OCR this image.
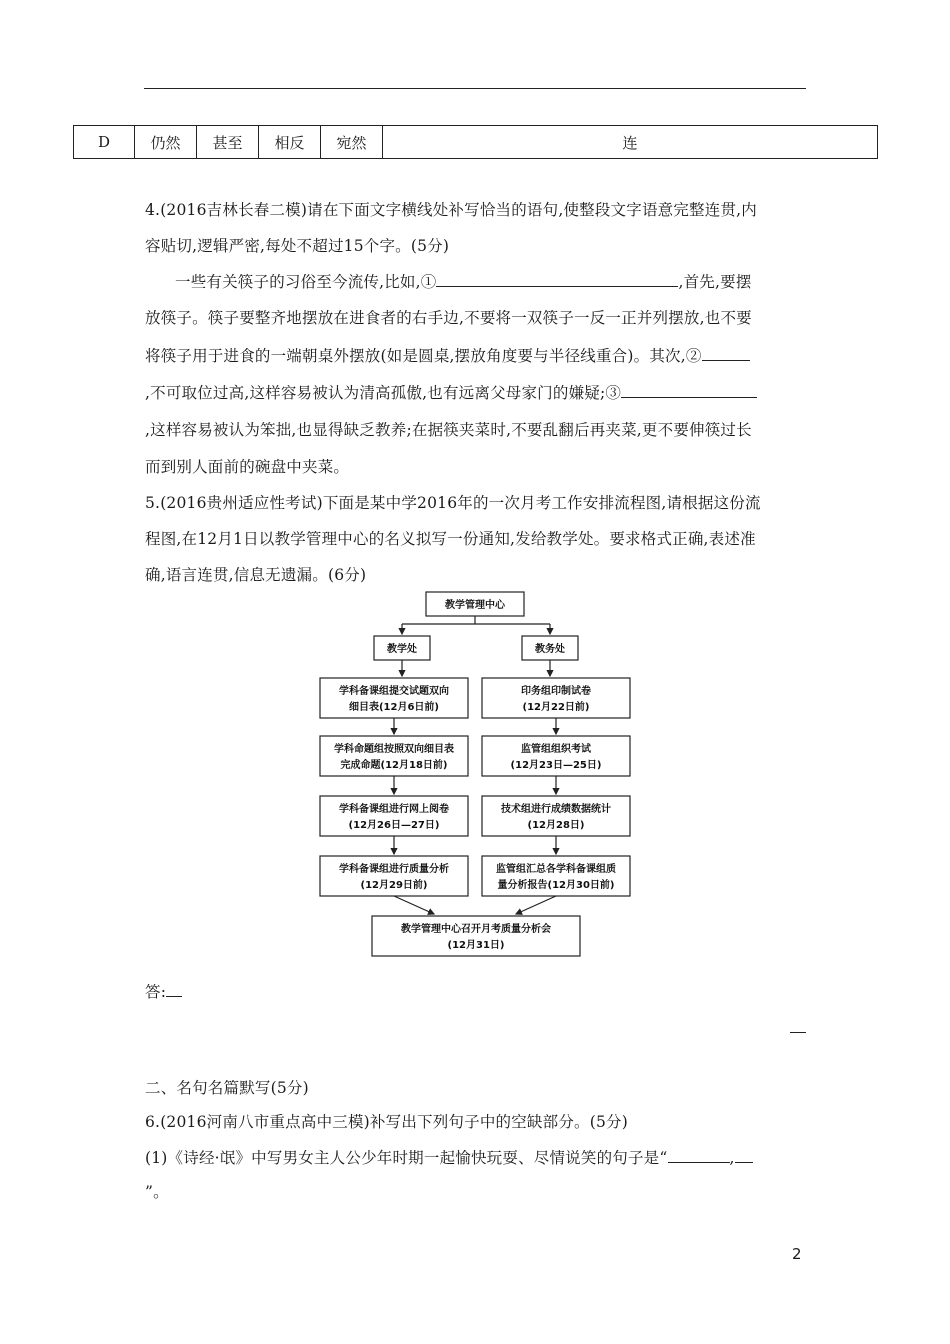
D	仍然	甚至	相反	宛然	连
4.(2016吉林长春二模)请在下面文字横线处补写恰当的语句,使整段文字语意完整连贯,内
容贴切,逻辑严密,每处不超过15个字。(5分)
一些有关筷子的习俗至今流传,比如,①	,首先,要摆
放筷子。筷子要整齐地摆放在进食者的右手边,不要将一双筷子一反一正并列摆放,也不要
将筷子用于进食的一端朝桌外摆放(如是圆桌,摆放角度要与半径线重合)。其次,②
,不可取位过高,这样容易被认为清高孤傲,也有远离父母家门的嫌疑;③
,这样容易被认为笨拙,也显得缺乏教养;在据筷夹菜时,不要乱翻后再夹菜,更不要伸筷过长
而到别人面前的碗盘中夹菜。
5.(2016贵州适应性考试)下面是某中学2016年的一次月考工作安排流程图,请根据这份流
程图,在12月1日以教学管理中心的名义拟写一份通知,发给教学处。要求格式正确,表述准
确,语言连贯,信息无遗漏。(6分)
教学管理中心
教学处	教务处
学科备课组提交试题双向
细目表(12月6日前)
学科命题组按照双向细目表
完成命题(12月18日前)
学科备课组进行网上阅卷
(12月26日—27日)
学科备课组进行质量分析
(12月29日前)
印务组印制试卷
(12月22日前)
监管组组织考试
(12月23日—25日)
技术组进行成绩数据统计
(12月28日)
监管组汇总各学科备课组质
量分析报告(12月30日前)
教学管理中心召开月考质量分析会
(12月31日)
答:
二、名句名篇默写(5分)
6.(2016河南八市重点高中三模)补写出下列句子中的空缺部分。(5分)
(1)《诗经·氓》中写男女主人公少年时期一起愉快玩耍、尽情说笑的句子是“	,
”。
2
